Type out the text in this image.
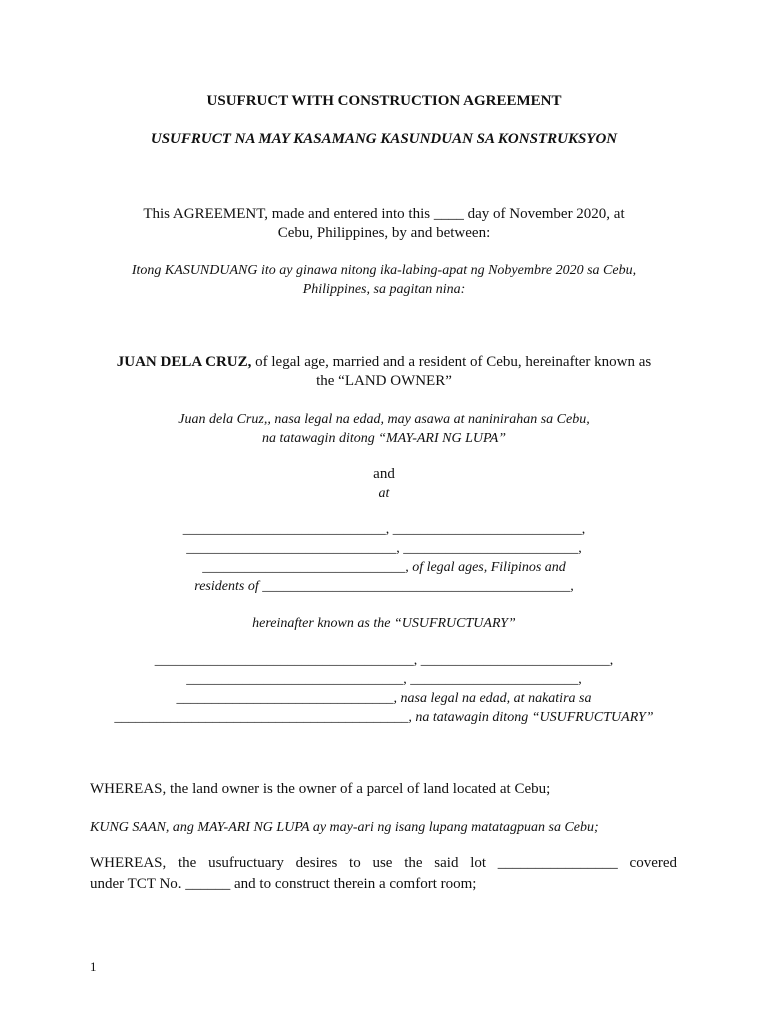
USUFRUCT WITH CONSTRUCTION AGREEMENT

USUFRUCT NA MAY KASAMANG KASUNDUAN SA KONSTRUKSYON

This AGREEMENT, made and entered into this ____ day of November 2020, at

Cebu, Philippines, by and between:

Itong KASUNDUANG ito ay ginawa nitong ika-labing-apat ng Nobyembre 2020 sa Cebu,

Philippines, sa pagitan nina:

JUAN DELA CRUZ, of legal age, married and a resident of Cebu, hereinafter known as

the “LAND OWNER”

Juan dela Cruz,, nasa legal na edad, may asawa at naninirahan sa Cebu,

na tatawagin ditong “MAY-ARI NG LUPA”

and

at

_____________________________, ___________________________,

______________________________, _________________________,

_____________________________, of legal ages, Filipinos and

residents of ____________________________________________,

hereinafter known as the “USUFRUCTUARY”

_____________________________________, ___________________________,

_______________________________, ________________________,

_______________________________, nasa legal na edad, at nakatira sa

__________________________________________, na tatawagin ditong “USUFRUCTUARY”

WHEREAS, the land owner is the owner of a parcel of land located at Cebu;

KUNG SAAN, ang MAY-ARI NG LUPA ay may-ari ng isang lupang matatagpuan sa Cebu;

WHEREAS, the usufructuary desires to use the said lot ________________ covered

under TCT No. ______ and to construct therein a comfort room;

1
